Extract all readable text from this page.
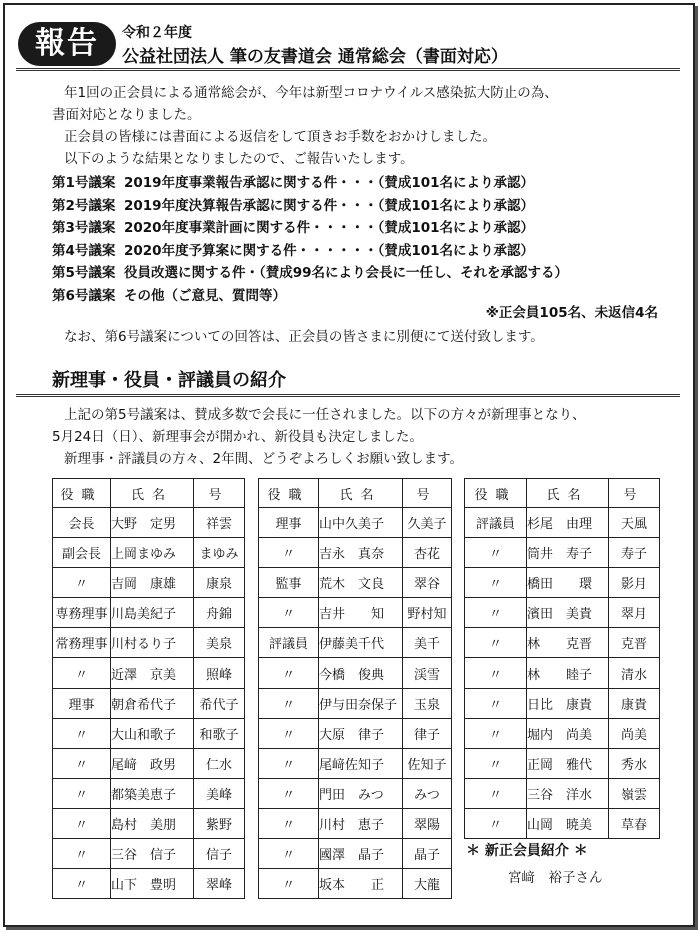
報告	令和２年度
公益社団法人 筆の友書道会 通常総会（書面対応）
年1回の正会員による通常総会が、今年は新型コロナウイルス感染拡大防止の為、
書面対応となりました。
正会員の皆様には書面による返信をして頂きお手数をおかけしました。
以下のような結果となりましたので、ご報告いたします。
第1号議案 2019年度事業報告承認に関する件・・・（賛成101名により承認）
第2号議案 2019年度決算報告承認に関する件・・・（賛成101名により承認）
第3号議案 2020年度事業計画に関する件・・・・・（賛成101名により承認）
第4号議案 2020年度予算案に関する件・・・・・・（賛成101名により承認）
第5号議案 役員改選に関する件・（賛成99名により会長に一任し、それを承認する）
第6号議案 その他（ご意見、質問等）
※正会員105名、未返信4名
なお、第6号議案についての回答は、正会員の皆さまに別便にて送付致します。
新理事・役員・評議員の紹介
上記の第5号議案は、賛成多数で会長に一任されました。以下の方々が新理事となり、
5月24日（日）、新理事会が開かれ、新役員も決定しました。
新理事・評議員の方々、2年間、どうぞよろしくお願い致します。
役職	氏名	号
会長	大野　定男	祥雲
副会長	上岡まゆみ	まゆみ
〃	吉岡　康雄	康泉
専務理事	川島美紀子	舟錦
常務理事	川村るり子	美泉
〃	近澤　京美	照峰
理事	朝倉希代子	希代子
〃	大山和歌子	和歌子
〃	尾﨑　政男	仁水
〃	都築美恵子	美峰
〃	島村　美朋	紫野
〃	三谷　信子	信子
〃	山下　豊明	翠峰
役職	氏名	号
理事	山中久美子	久美子
〃	吉永　真奈	杏花
監事	荒木　文良	翠谷
〃	吉井　　知	野村知
評議員	伊藤美千代	美千
〃	今橋　俊典	渓雪
〃	伊与田奈保子	玉泉
〃	大原　律子	律子
〃	尾﨑佐知子	佐知子
〃	門田　みつ	みつ
〃	川村　恵子	翠陽
〃	國澤　晶子	晶子
〃	坂本　　正	大龍
役職	氏名	号
評議員	杉尾　由理	天風
〃	筒井　寿子	寿子
〃	橋田　　環	影月
〃	濱田　美貴	翠月
〃	林　　克晋	克晋
〃	林　　睦子	清水
〃	日比　康貴	康貴
〃	堀内　尚美	尚美
〃	正岡　雅代	秀水
〃	三谷　洋水	嶺雲
〃	山岡　暁美	草春
＊ 新正会員紹介 ＊
宮﨑　裕子さん
